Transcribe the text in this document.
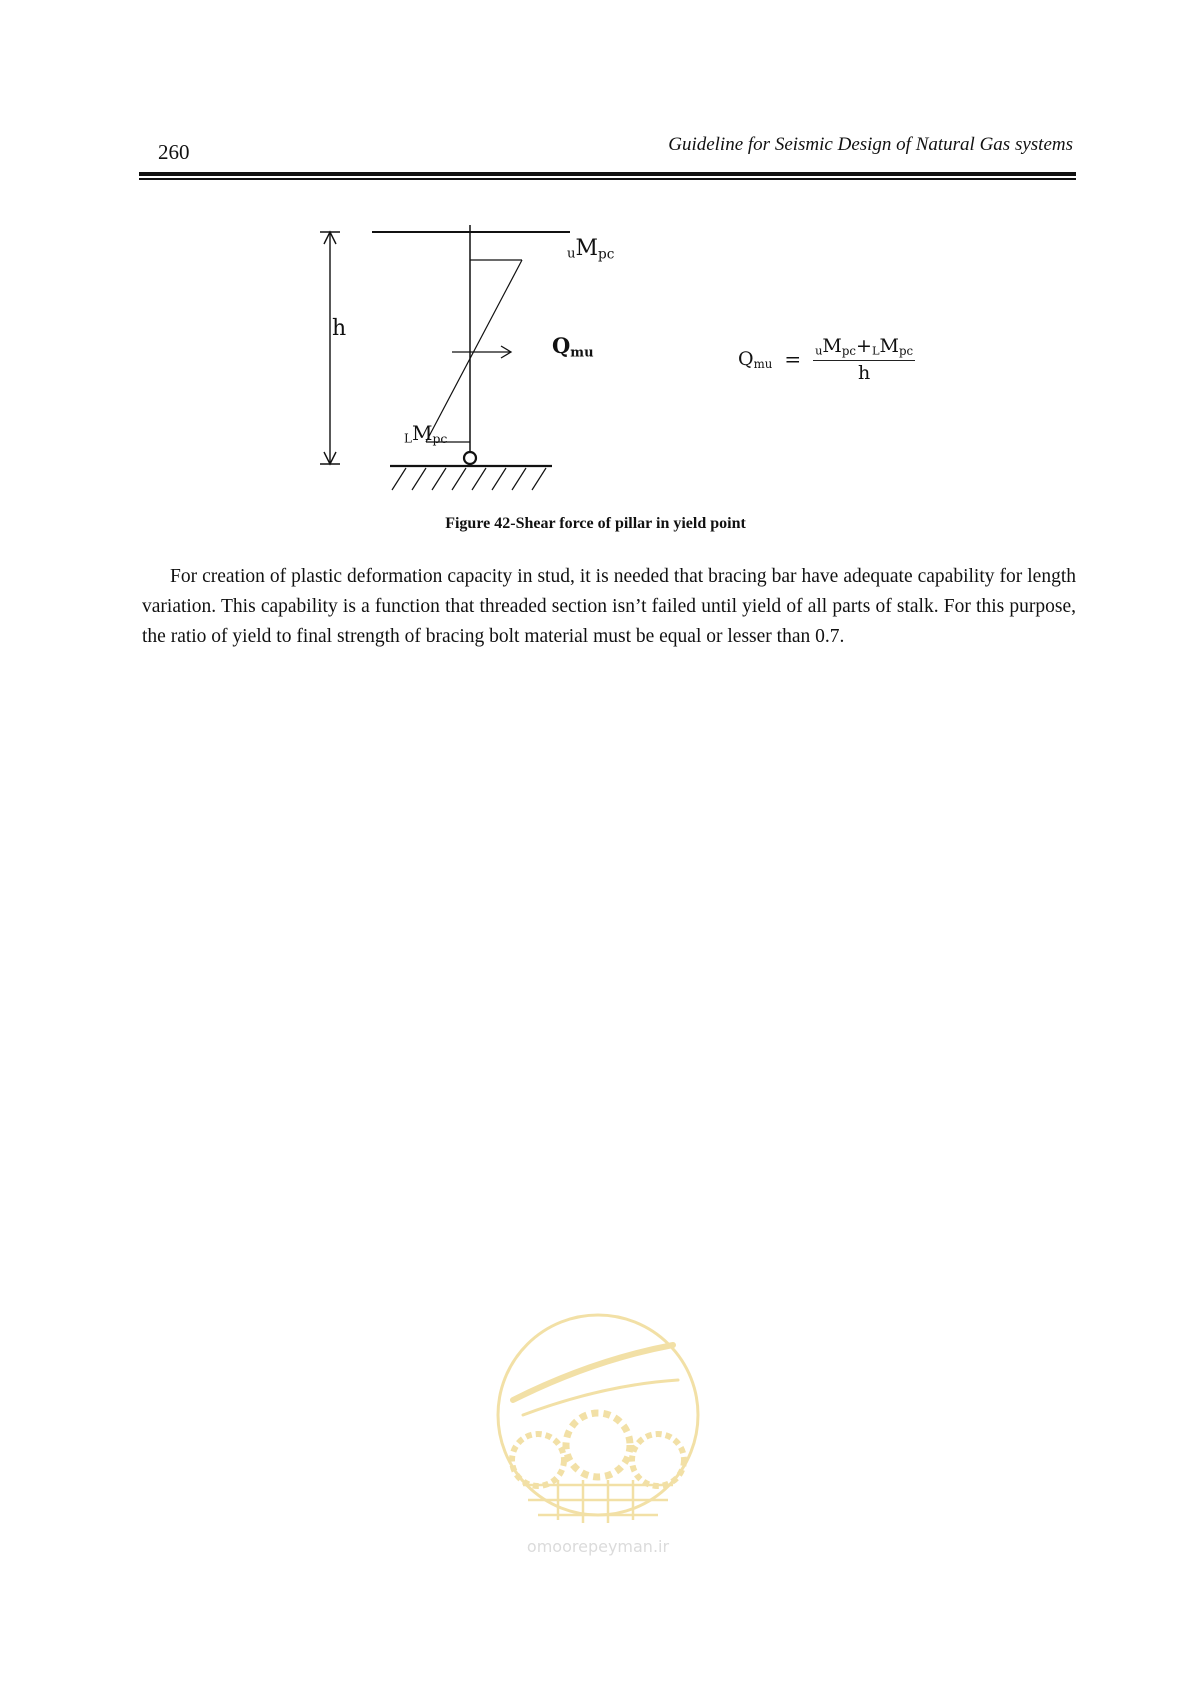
260	Guideline for Seismic Design of Natural Gas systems
h
$uM_{pc}$
$Q_{mu}$
$LM_{pc}$
$Q_{mu} = \frac{uM_{pc}+LM_{pc}}{h}$
Figure 42-Shear force of pillar in yield point

For creation of plastic deformation capacity in stud, it is needed that bracing bar have adequate capability for length variation. This capability is a function that threaded section isn’t failed until yield of all parts of stalk. For this purpose, the ratio of yield to final strength of bracing bolt material must be equal or lesser than 0.7.

omoorepeyman.ir
